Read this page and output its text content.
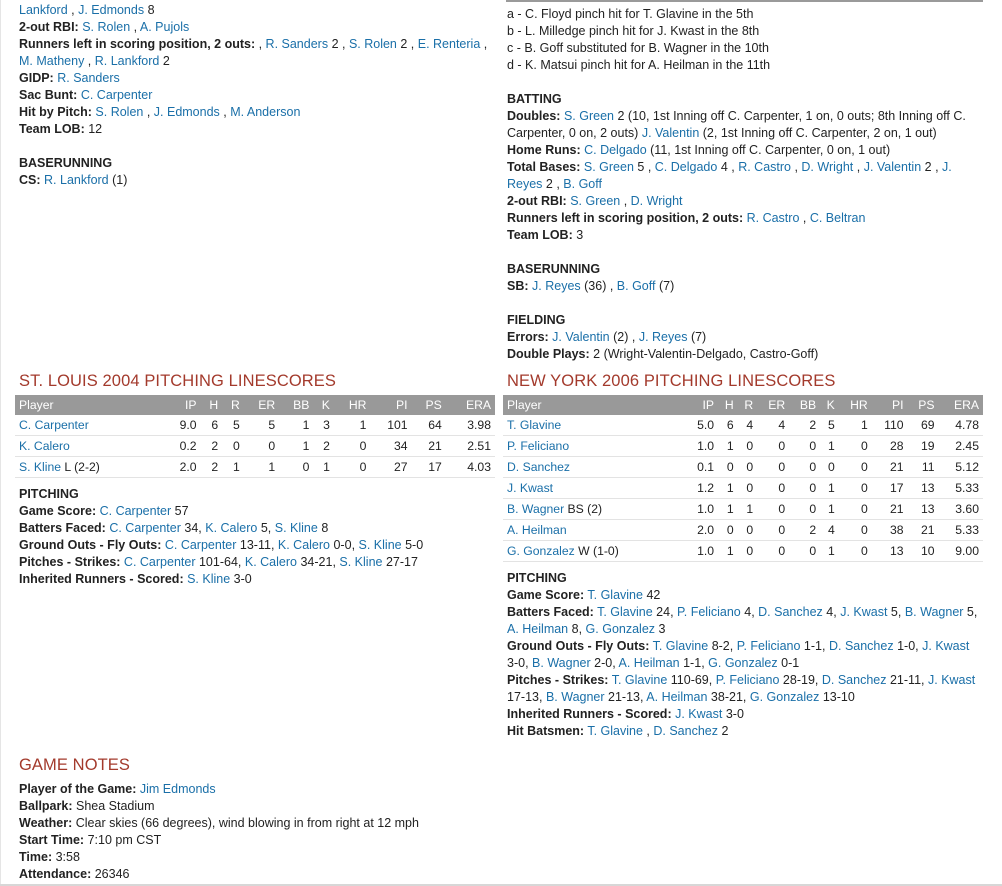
Lankford , J. Edmonds 8

2-out RBI: S. Rolen , A. Pujols

Runners left in scoring position, 2 outs: , R. Sanders 2 , S. Rolen 2 , E. Renteria , M. Matheny , R. Lankford 2

GIDP: R. Sanders

Sac Bunt: C. Carpenter

Hit by Pitch: S. Rolen , J. Edmonds , M. Anderson

Team LOB: 12

BASERUNNING

CS: R. Lankford (1)

ST. LOUIS 2004 PITCHING LINESCORES
Player	IP	H	R	ER	BB	K	HR	PI	PS	ERA
C. Carpenter	9.0	6	5	5	1	3	1	101	64	3.98
K. Calero	0.2	2	0	0	1	2	0	34	21	2.51
S. Kline L (2-2)	2.0	2	1	1	0	1	0	27	17	4.03

PITCHING

Game Score: C. Carpenter 57

Batters Faced: C. Carpenter 34, K. Calero 5, S. Kline 8

Ground Outs - Fly Outs: C. Carpenter 13-11, K. Calero 0-0, S. Kline 5-0

Pitches - Strikes: C. Carpenter 101-64, K. Calero 34-21, S. Kline 27-17

Inherited Runners - Scored: S. Kline 3-0

GAME NOTES

Player of the Game: Jim Edmonds

Ballpark: Shea Stadium

Weather: Clear skies (66 degrees), wind blowing in from right at 12 mph

Start Time: 7:10 pm CST

Time: 3:58

Attendance: 26346

a - C. Floyd pinch hit for T. Glavine in the 5th

b - L. Milledge pinch hit for J. Kwast in the 8th

c - B. Goff substituted for B. Wagner in the 10th

d - K. Matsui pinch hit for A. Heilman in the 11th

BATTING

Doubles: S. Green 2 (10, 1st Inning off C. Carpenter, 1 on, 0 outs; 8th Inning off C. Carpenter, 0 on, 2 outs) J. Valentin (2, 1st Inning off C. Carpenter, 2 on, 1 out)

Home Runs: C. Delgado (11, 1st Inning off C. Carpenter, 0 on, 1 out)

Total Bases: S. Green 5 , C. Delgado 4 , R. Castro , D. Wright , J. Valentin 2 , J. Reyes 2 , B. Goff

2-out RBI: S. Green , D. Wright

Runners left in scoring position, 2 outs: R. Castro , C. Beltran

Team LOB: 3

BASERUNNING

SB: J. Reyes (36) , B. Goff (7)

FIELDING

Errors: J. Valentin (2) , J. Reyes (7)

Double Plays: 2 (Wright-Valentin-Delgado, Castro-Goff)

NEW YORK 2006 PITCHING LINESCORES
Player	IP	H	R	ER	BB	K	HR	PI	PS	ERA
T. Glavine	5.0	6	4	4	2	5	1	110	69	4.78
P. Feliciano	1.0	1	0	0	0	1	0	28	19	2.45
D. Sanchez	0.1	0	0	0	0	0	0	21	11	5.12
J. Kwast	1.2	1	0	0	0	1	0	17	13	5.33
B. Wagner BS (2)	1.0	1	1	0	0	1	0	21	13	3.60
A. Heilman	2.0	0	0	0	2	4	0	38	21	5.33
G. Gonzalez W (1-0)	1.0	1	0	0	0	1	0	13	10	9.00

PITCHING

Game Score: T. Glavine 42

Batters Faced: T. Glavine 24, P. Feliciano 4, D. Sanchez 4, J. Kwast 5, B. Wagner 5, A. Heilman 8, G. Gonzalez 3

Ground Outs - Fly Outs: T. Glavine 8-2, P. Feliciano 1-1, D. Sanchez 1-0, J. Kwast 3-0, B. Wagner 2-0, A. Heilman 1-1, G. Gonzalez 0-1

Pitches - Strikes: T. Glavine 110-69, P. Feliciano 28-19, D. Sanchez 21-11, J. Kwast 17-13, B. Wagner 21-13, A. Heilman 38-21, G. Gonzalez 13-10

Inherited Runners - Scored: J. Kwast 3-0

Hit Batsmen: T. Glavine , D. Sanchez 2
